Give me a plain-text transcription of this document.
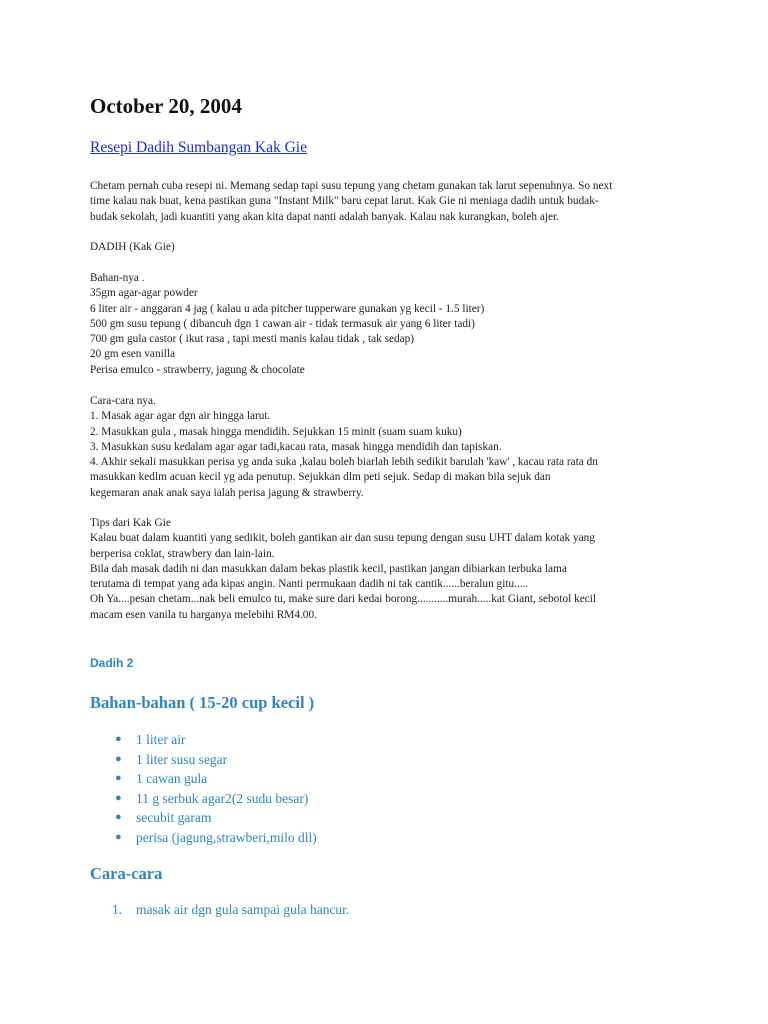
October 20, 2004
Resepi Dadih Sumbangan Kak Gie
Chetam pernah cuba resepi ni. Memang sedap tapi susu tepung yang chetam gunakan tak larut sepenuhnya. So next
time kalau nak buat, kena pastikan guna "Instant Milk" baru cepat larut. Kak Gie ni meniaga dadih untuk budak-
budak sekolah, jadi kuantiti yang akan kita dapat nanti adalah banyak. Kalau nak kurangkan, boleh ajer.
DADIH (Kak Gie)
Bahan-nya .
35gm agar-agar powder
6 liter air - anggaran 4 jag ( kalau u ada pitcher tupperware gunakan yg kecil - 1.5 liter)
500 gm susu tepung ( dibancuh dgn 1 cawan air - tidak termasuk air yang 6 liter tadi)
700 gm gula castor ( ikut rasa , tapi mesti manis kalau tidak , tak sedap)
20 gm esen vanilla
Perisa emulco - strawberry, jagung & chocolate
Cara-cara nya.
1. Masak agar agar dgn air hingga larut.
2. Masukkan gula , masak hingga mendidih. Sejukkan 15 minit (suam suam kuku)
3. Masukkan susu kedalam agar agar tadi,kacau rata, masak hingga mendidih dan tapiskan.
4. Akhir sekali masukkan perisa yg anda suka ,kalau boleh biarlah lebih sedikit barulah 'kaw' , kacau rata rata dn
masukkan kedlm acuan kecil yg ada penutup. Sejukkan dlm peti sejuk. Sedap di makan bila sejuk dan
kegemaran anak anak saya ialah perisa jagung & strawberry.
Tips dari Kak Gie
Kalau buat dalam kuantiti yang sedikit, boleh gantikan air dan susu tepung dengan susu UHT dalam kotak yang
berperisa coklat, strawbery dan lain-lain.
Bila dah masak dadih ni dan masukkan dalam bekas plastik kecil, pastikan jangan dibiarkan terbuka lama
terutama di tempat yang ada kipas angin. Nanti permukaan dadih ni tak cantik......beralun gitu.....
Oh Ya....pesan chetam...nak beli emulco tu, make sure dari kedai borong...........murah.....kat Giant, sebotol kecil
macam esen vanila tu harganya melebihi RM4.00.
Dadih 2
Bahan-bahan ( 15-20 cup kecil )
● 1 liter air
● 1 liter susu segar
● 1 cawan gula
● 11 g serbuk agar2(2 sudu besar)
● secubit garam
● perisa (jagung,strawberi,milo dll)
Cara-cara
1. masak air dgn gula sampai gula hancur.
